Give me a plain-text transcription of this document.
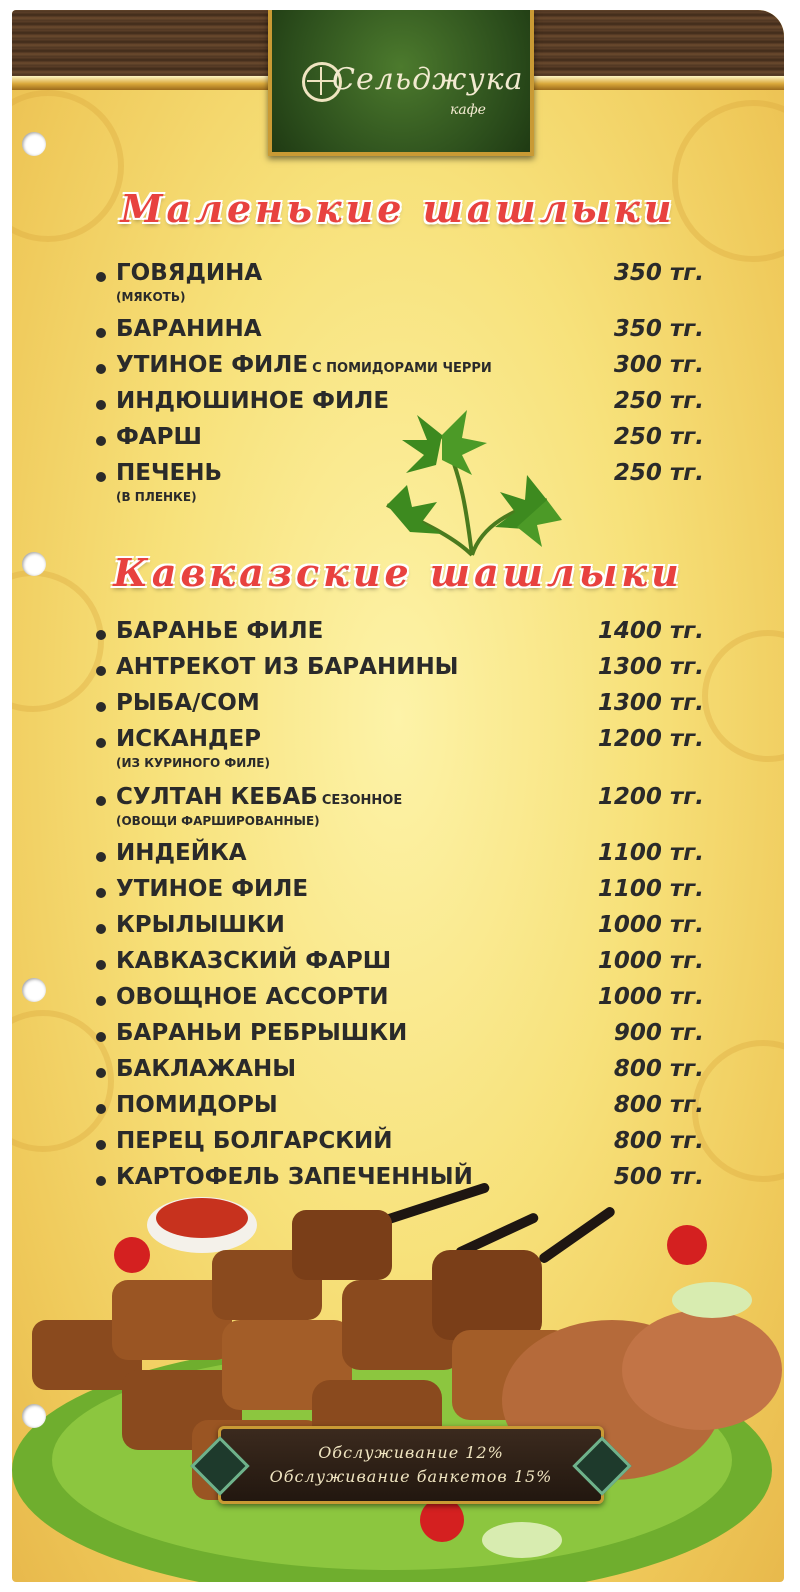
Сельджука
кафе
Маленькие шашлыки
ГОВЯДИНА	350 тг.
(МЯКОТЬ)
БАРАНИНА	350 тг.
УТИНОЕ ФИЛЕ С ПОМИДОРАМИ ЧЕРРИ	300 тг.
ИНДЮШИНОЕ ФИЛЕ	250 тг.
ФАРШ	250 тг.
ПЕЧЕНЬ	250 тг.
(В ПЛЕНКЕ)
Кавказские шашлыки
БАРАНЬЕ ФИЛЕ	1400 тг.
АНТРЕКОТ ИЗ БАРАНИНЫ	1300 тг.
РЫБА/СОМ	1300 тг.
ИСКАНДЕР	1200 тг.
(ИЗ КУРИНОГО ФИЛЕ)
СУЛТАН КЕБАБ СЕЗОННОЕ	1200 тг.
(ОВОЩИ ФАРШИРОВАННЫЕ)
ИНДЕЙКА	1100 тг.
УТИНОЕ ФИЛЕ	1100 тг.
КРЫЛЫШКИ	1000 тг.
КАВКАЗСКИЙ ФАРШ	1000 тг.
ОВОЩНОЕ АССОРТИ	1000 тг.
БАРАНЬИ РЕБРЫШКИ	900 тг.
БАКЛАЖАНЫ	800 тг.
ПОМИДОРЫ	800 тг.
ПЕРЕЦ БОЛГАРСКИЙ	800 тг.
КАРТОФЕЛЬ ЗАПЕЧЕННЫЙ	500 тг.
Обслуживание 12%
Обслуживание банкетов 15%
